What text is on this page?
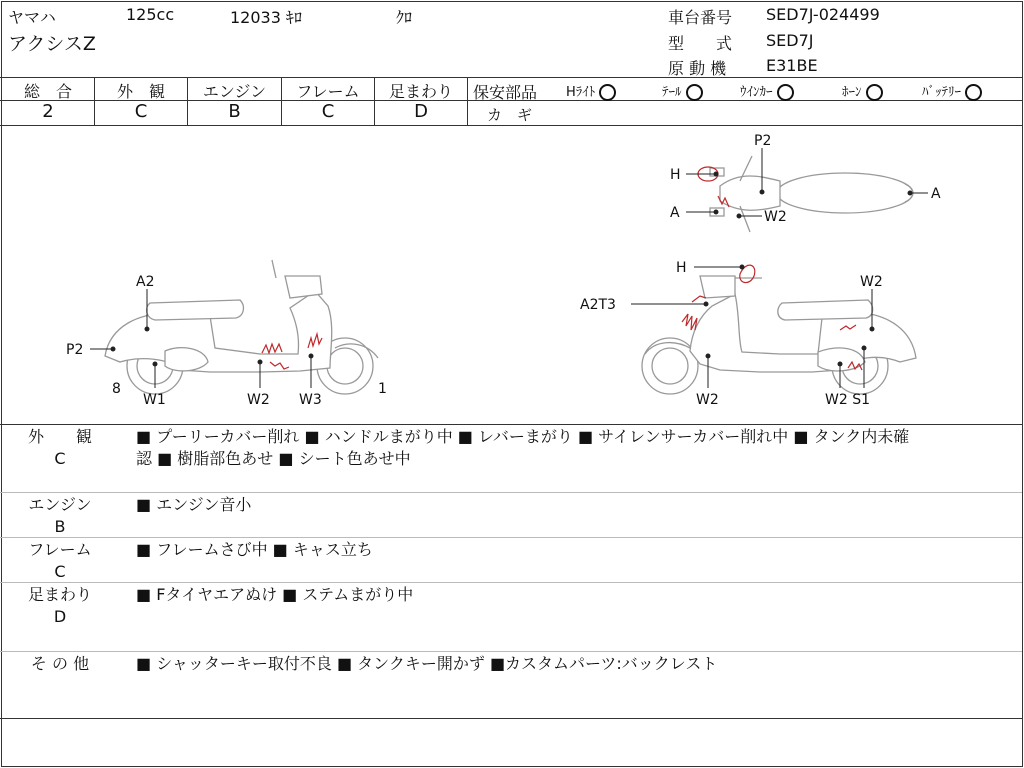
ヤマハ	125cc	12033 ｷﾛ	ｸﾛ
アクシスZ
車台番号 SED7J-024499
型　　式 SED7J
原 動 機 E31BE
総　合	外　観	エンジン	フレーム	足まわり
2	C	B	C	D
保安部品 Hﾗｲﾄ	ﾃｰﾙ	ｳｲﾝｶｰ	ﾎｰﾝ	ﾊﾞｯﾃﾘｰ
カ　ギ
A2
P2
8
W1	W2 W3
1
P2
H
A
A	W2
H
A2T3
W2
W2	W2 S1
外　　観
C
■ プーリーカバー削れ ■ ハンドルまがり中 ■ レバーまがり ■ サイレンサーカバー削れ中 ■ タンク内未確
認 ■ 樹脂部色あせ ■ シート色あせ中
エンジン
B
■ エンジン音小
フレーム
C
■ フレームさび中 ■ キャス立ち
足まわり
D
■ Fタイヤエアぬけ ■ ステムまがり中
そ の 他	■ シャッターキー取付不良 ■ タンクキー開かず ■カスタムパーツ:バックレスト
